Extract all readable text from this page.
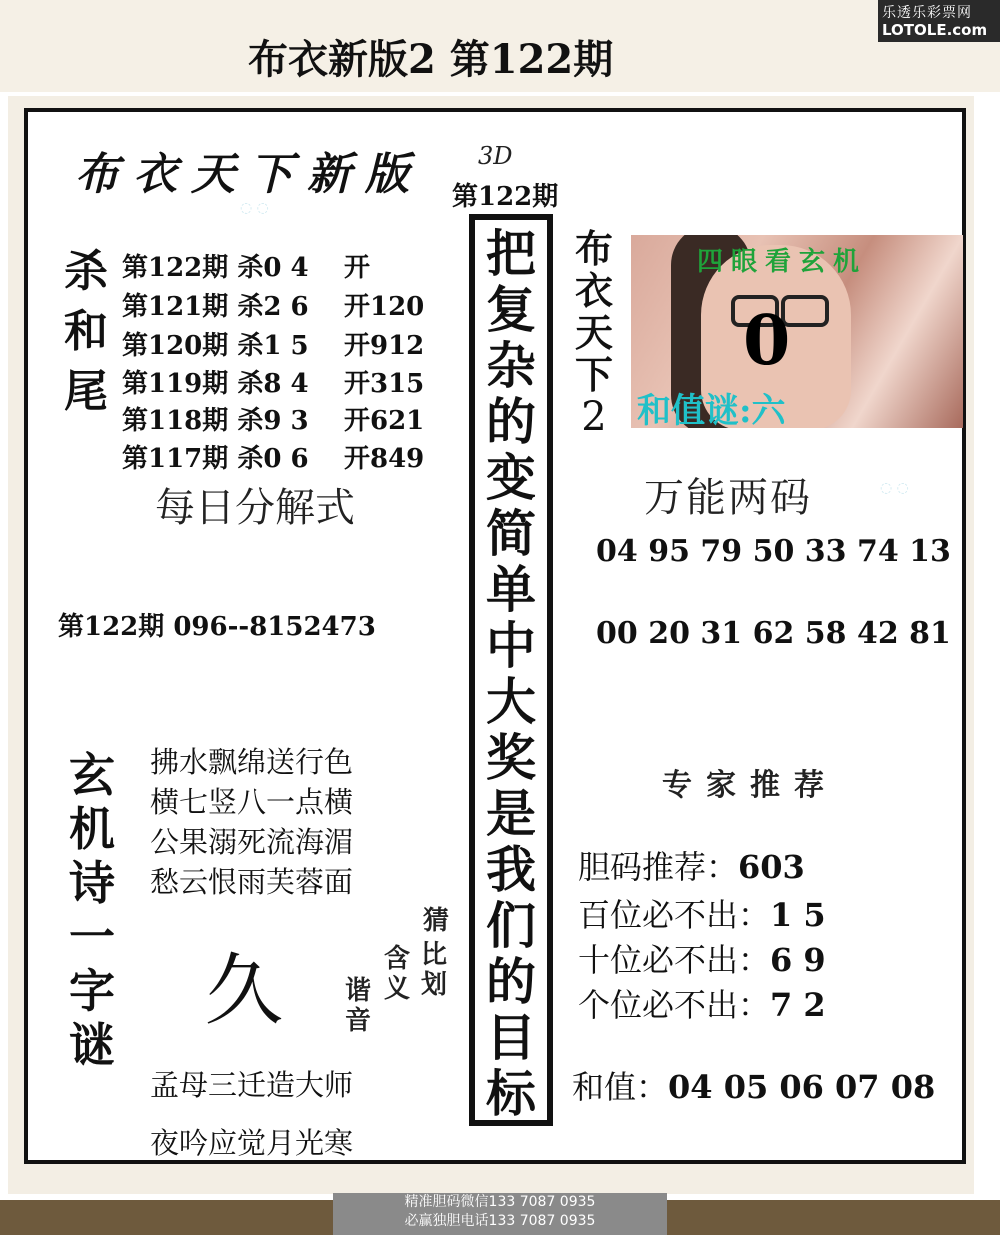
布衣新版2 第122期
乐透乐彩票网
LOTOLE.com
◌ ◌
◌ ◌
布衣天下新版 3D
第122期
把复杂的变简单中大奖是我们的目标
杀和尾
第122期 杀0 4 开
第121期 杀2 6 开120
第120期 杀1 5 开912
第119期 杀8 4 开315
第118期 杀9 3 开621
第117期 杀0 6 开849
每日分解式
第122期 096--8152473
玄机诗一字谜
拂水飘绵送行色
横七竖八一点横
公果溺死流海湄
愁云恨雨芙蓉面
久 谐音
含义
比划
猜
孟母三迁造大师
夜吟应觉月光寒
布衣天下
2
四眼看玄机
0
和值谜:六
万能两码
04 95 79 50 33 74 13
00 20 31 62 58 42 81
专家推荐
胆码推荐：603
百位必不出：1 5
十位必不出：6 9
个位必不出：7 2
和值：04 05 06 07 08
精准胆码微信133 7087 0935
必赢独胆电话133 7087 0935
